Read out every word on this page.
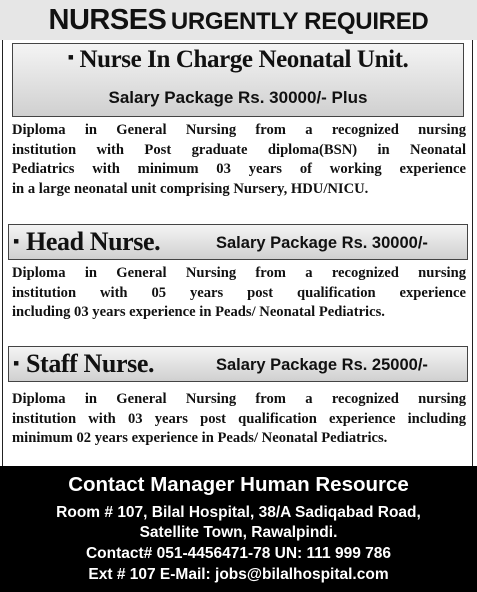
NURSES URGENTLY REQUIRED
▪ Nurse In Charge Neonatal Unit.
Salary Package Rs. 30000/- Plus
Diploma in General Nursing from a recognized nursing
institution with Post graduate diploma(BSN) in Neonatal
Pediatrics with minimum 03 years of working experience
in a large neonatal unit comprising Nursery, HDU/NICU.
▪ Head Nurse.	Salary Package Rs. 30000/-
Diploma in General Nursing from a recognized nursing
institution with 05 years post qualification experience
including 03 years experience in Peads/ Neonatal Pediatrics.
▪ Staff Nurse.	Salary Package Rs. 25000/-
Diploma in General Nursing from a recognized nursing
institution with 03 years post qualification experience including
minimum 02 years experience in Peads/ Neonatal Pediatrics.
Contact Manager Human Resource
Room # 107, Bilal Hospital, 38/A Sadiqabad Road,
Satellite Town, Rawalpindi.
Contact# 051-4456471-78 UN: 111 999 786
Ext # 107 E-Mail: jobs@bilalhospital.com
